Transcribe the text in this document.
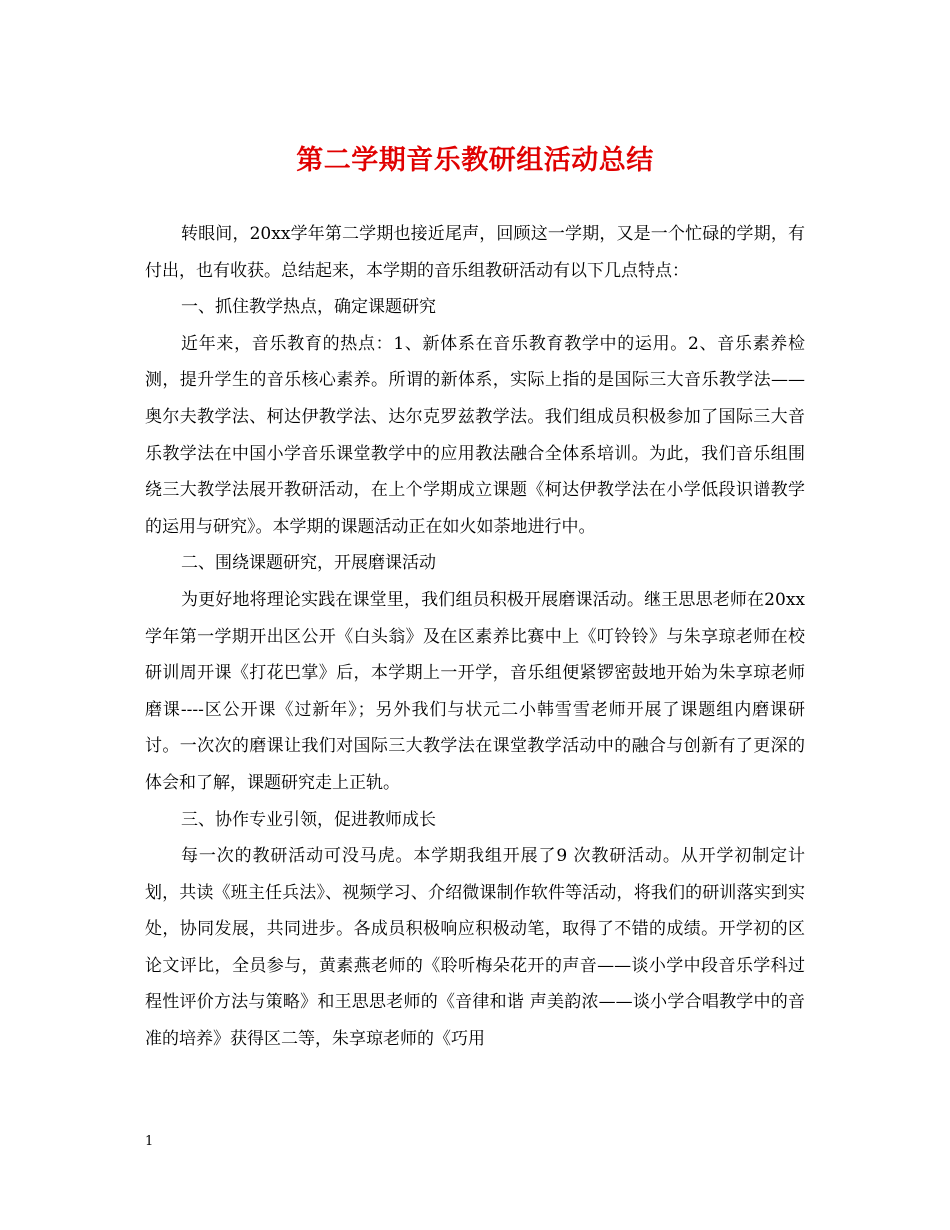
第二学期音乐教研组活动总结

转眼间，20xx学年第二学期也接近尾声，回顾这一学期，又是一个忙碌的学期，有付出，也有收获。总结起来，本学期的音乐组教研活动有以下几点特点：

一、抓住教学热点，确定课题研究

近年来，音乐教育的热点：1、新体系在音乐教育教学中的运用。2、音乐素养检测，提升学生的音乐核心素养。所谓的新体系，实际上指的是国际三大音乐教学法——奥尔夫教学法、柯达伊教学法、达尔克罗兹教学法。我们组成员积极参加了国际三大音乐教学法在中国小学音乐课堂教学中的应用教法融合全体系培训。为此，我们音乐组围绕三大教学法展开教研活动，在上个学期成立课题《柯达伊教学法在小学低段识谱教学的运用与研究》。本学期的课题活动正在如火如荼地进行中。

二、围绕课题研究，开展磨课活动

为更好地将理论实践在课堂里，我们组员积极开展磨课活动。继王思思老师在20xx学年第一学期开出区公开《白头翁》及在区素养比赛中上《叮铃铃》与朱享琼老师在校研训周开课《打花巴掌》后，本学期上一开学，音乐组便紧锣密鼓地开始为朱享琼老师磨课----区公开课《过新年》；另外我们与状元二小韩雪雪老师开展了课题组内磨课研讨。一次次的磨课让我们对国际三大教学法在课堂教学活动中的融合与创新有了更深的体会和了解，课题研究走上正轨。

三、协作专业引领，促进教师成长

每一次的教研活动可没马虎。本学期我组开展了9 次教研活动。从开学初制定计划，共读《班主任兵法》、视频学习、介绍微课制作软件等活动，将我们的研训落实到实处，协同发展，共同进步。各成员积极响应积极动笔，取得了不错的成绩。开学初的区论文评比，全员参与，黄素燕老师的《聆听梅朵花开的声音——谈小学中段音乐学科过程性评价方法与策略》和王思思老师的《音律和谐 声美韵浓——谈小学合唱教学中的音准的培养》获得区二等，朱享琼老师的《巧用

1
